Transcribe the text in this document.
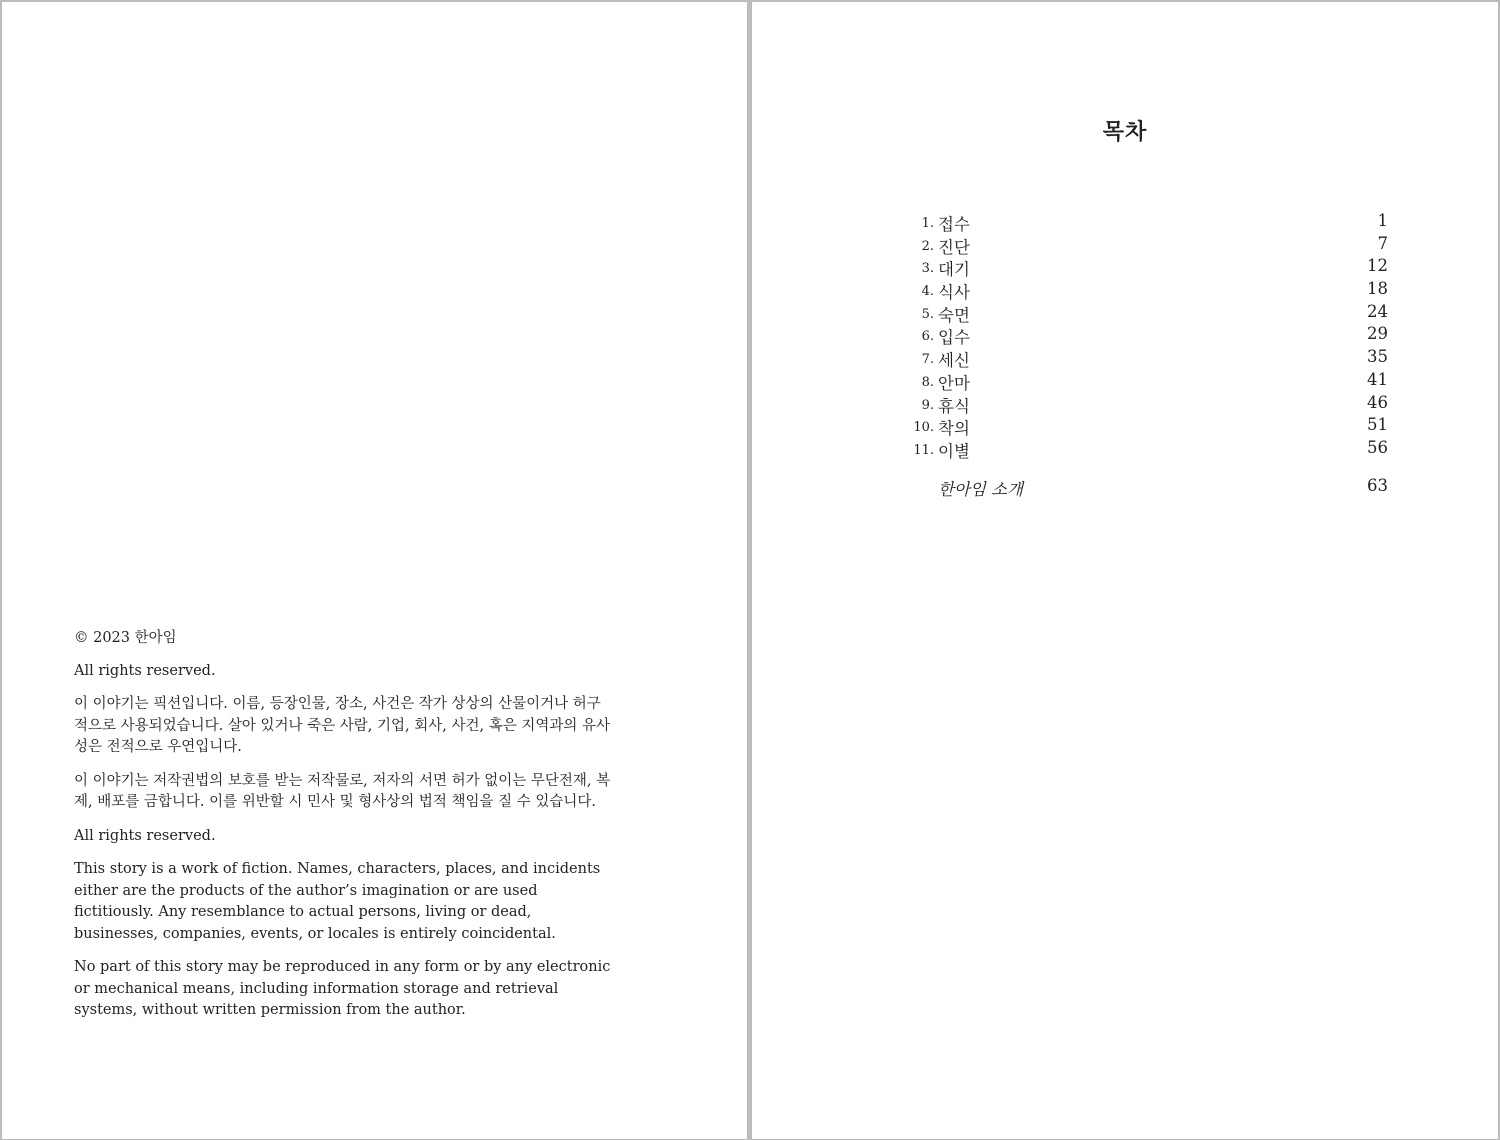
© 2023 한아임

All rights reserved.

이 이야기는 픽션입니다. 이름, 등장인물, 장소, 사건은 작가 상상의 산물이거나 허구적으로 사용되었습니다. 살아 있거나 죽은 사람, 기업, 회사, 사건, 혹은 지역과의 유사성은 전적으로 우연입니다.

이 이야기는 저작권법의 보호를 받는 저작물로, 저자의 서면 허가 없이는 무단전재, 복제, 배포를 금합니다. 이를 위반할 시 민사 및 형사상의 법적 책임을 질 수 있습니다.

All rights reserved.

This story is a work of fiction. Names, characters, places, and incidents either are the products of the author’s imagination or are used fictitiously. Any resemblance to actual persons, living or dead, businesses, companies, events, or locales is entirely coincidental.

No part of this story may be reproduced in any form or by any electronic or mechanical means, including information storage and retrieval systems, without written permission from the author.

목차
1. 접수	1
2. 진단	7
3. 대기	12
4. 식사	18
5. 숙면	24
6. 입수	29
7. 세신	35
8. 안마	41
9. 휴식	46
10. 착의	51
11. 이별	56
한아임 소개	63
